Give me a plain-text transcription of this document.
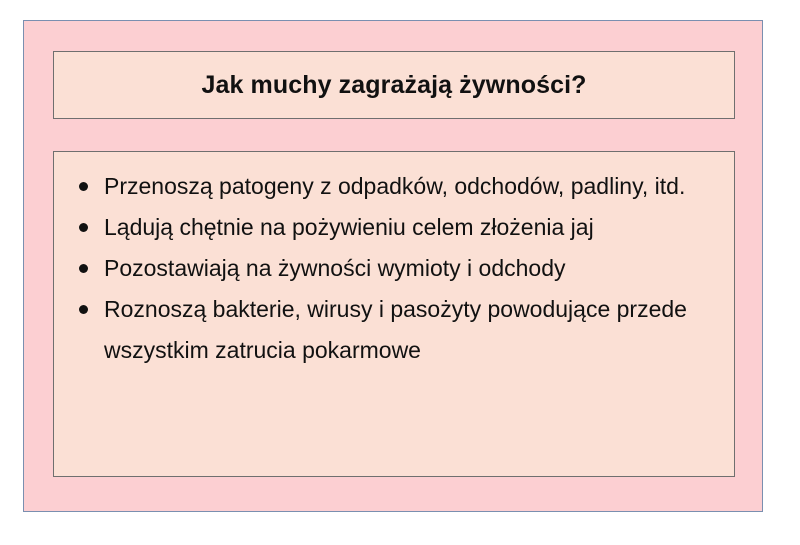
Jak muchy zagrażają żywności?
Przenoszą patogeny z odpadków, odchodów, padliny, itd.
Lądują chętnie na pożywieniu celem złożenia jaj
Pozostawiają na żywności wymioty i odchody
Roznoszą bakterie, wirusy i pasożyty powodujące przede wszystkim zatrucia pokarmowe
